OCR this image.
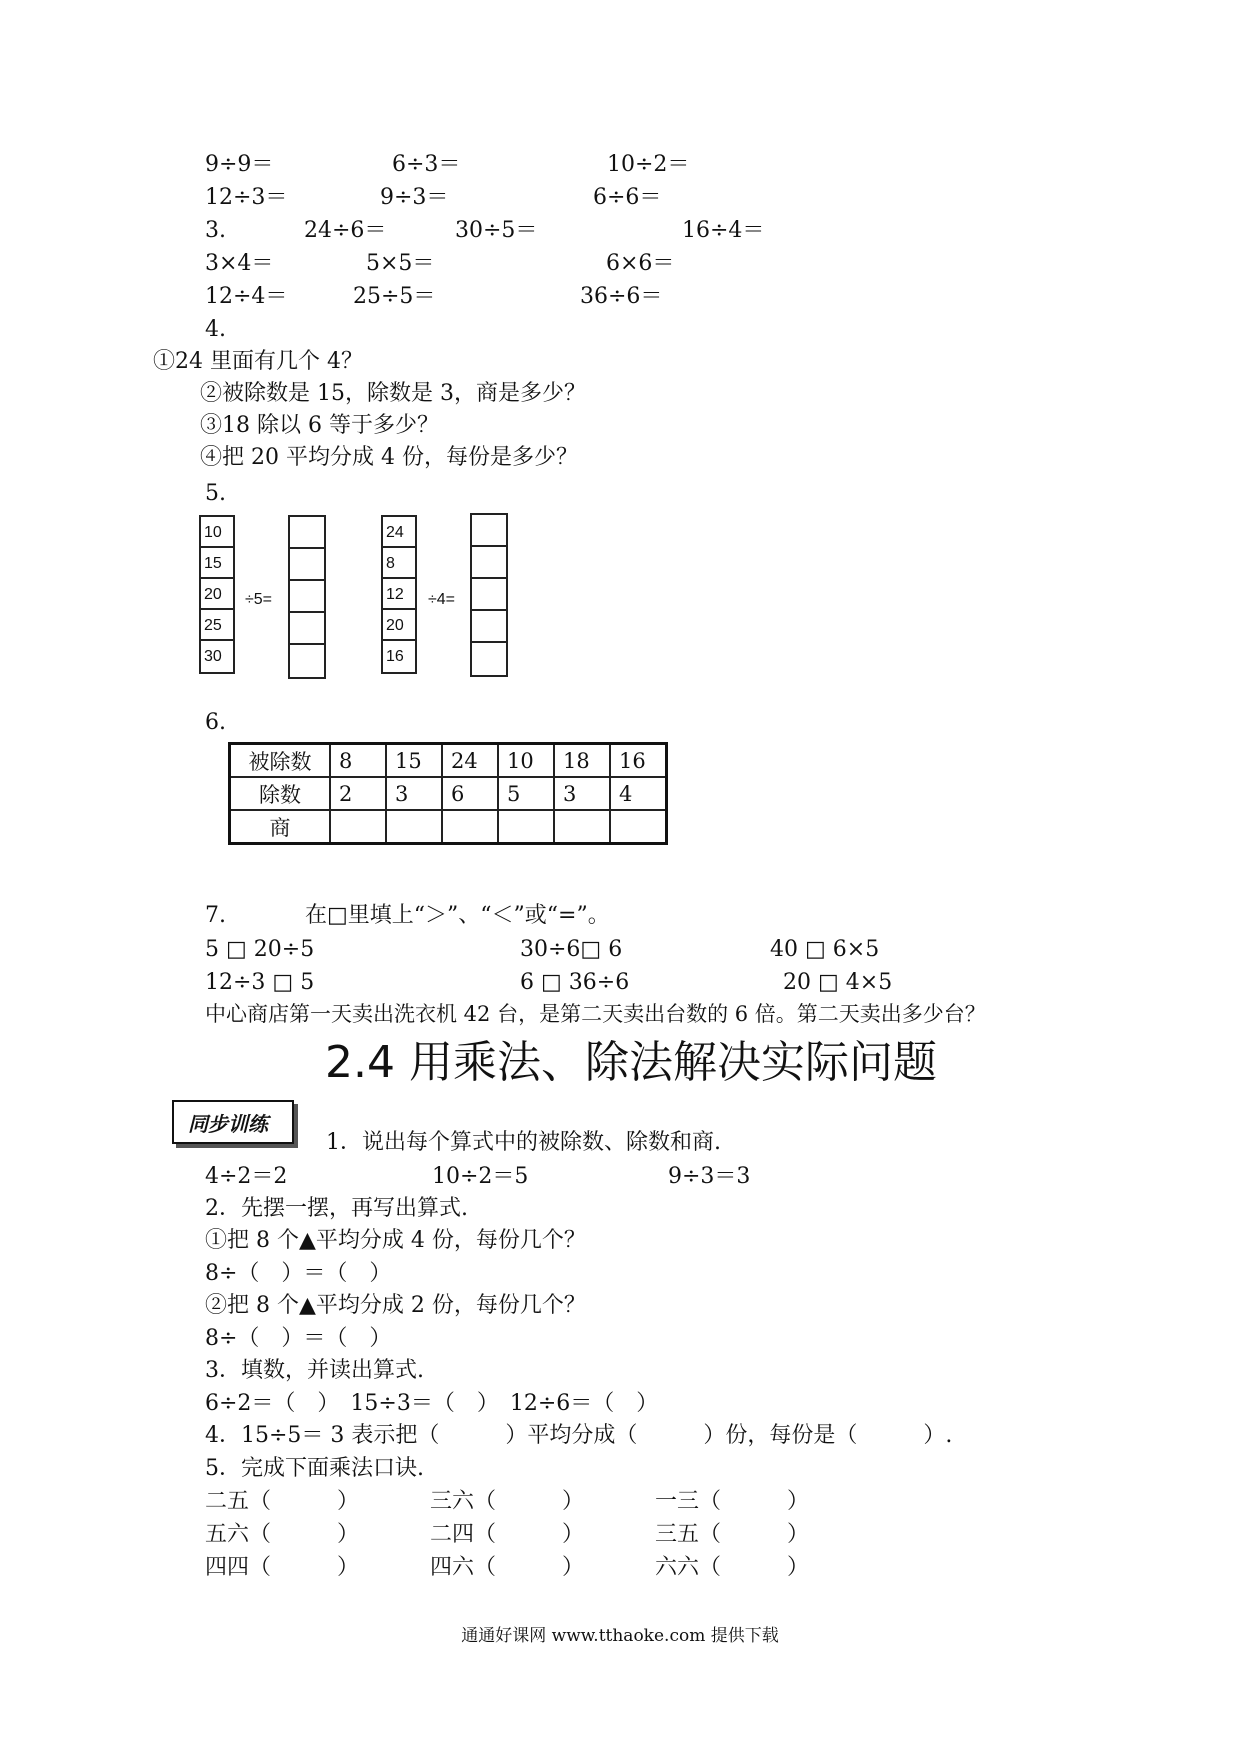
9÷9＝	6÷3＝	10÷2＝
12÷3＝	9÷3＝	6÷6＝
3.	24÷6＝	30÷5＝	16÷4＝
3×4＝	5×5＝	6×6＝
12÷4＝	25÷5＝	36÷6＝
4.
①24 里面有几个 4？
②被除数是 15，除数是 3，商是多少？
③18 除以 6 等于多少？
④把 20 平均分成 4 份，每份是多少？
5.
10
15
20
25
30
÷5=
24
8
12
20
16
÷4=
6.
被除数	8	15	24	10	18	16
除数	2	3	6	5	3	4
商						
7.	在□里填上“＞”、“＜”或“=”。
5 □ 20÷5	30÷6□ 6	40 □ 6×5
12÷3 □ 5	6 □ 36÷6	20 □ 4×5
中心商店第一天卖出洗衣机 42 台，是第二天卖出台数的 6 倍。第二天卖出多少台？
2.4 用乘法、除法解决实际问题
同步训练
1．说出每个算式中的被除数、除数和商.
4÷2＝2	10÷2＝5	9÷3＝3
2．先摆一摆，再写出算式.
①把 8 个▲平均分成 4 份，每份几个？
8÷（　）＝（　）
②把 8 个▲平均分成 2 份，每份几个？
8÷（　）＝（　）
3．填数，并读出算式.
6÷2＝（　）　15÷3＝（　）　12÷6＝（　）
4．15÷5＝ 3 表示把（　　　）平均分成（　　　）份，每份是（　　　）.
5．完成下面乘法口诀.
二五（　　　）	三六（　　　）	一三（　　　）
五六（　　　）	二四（　　　）	三五（　　　）
四四（　　　）	四六（　　　）	六六（　　　）
通通好课网 www.tthaoke.com 提供下载
